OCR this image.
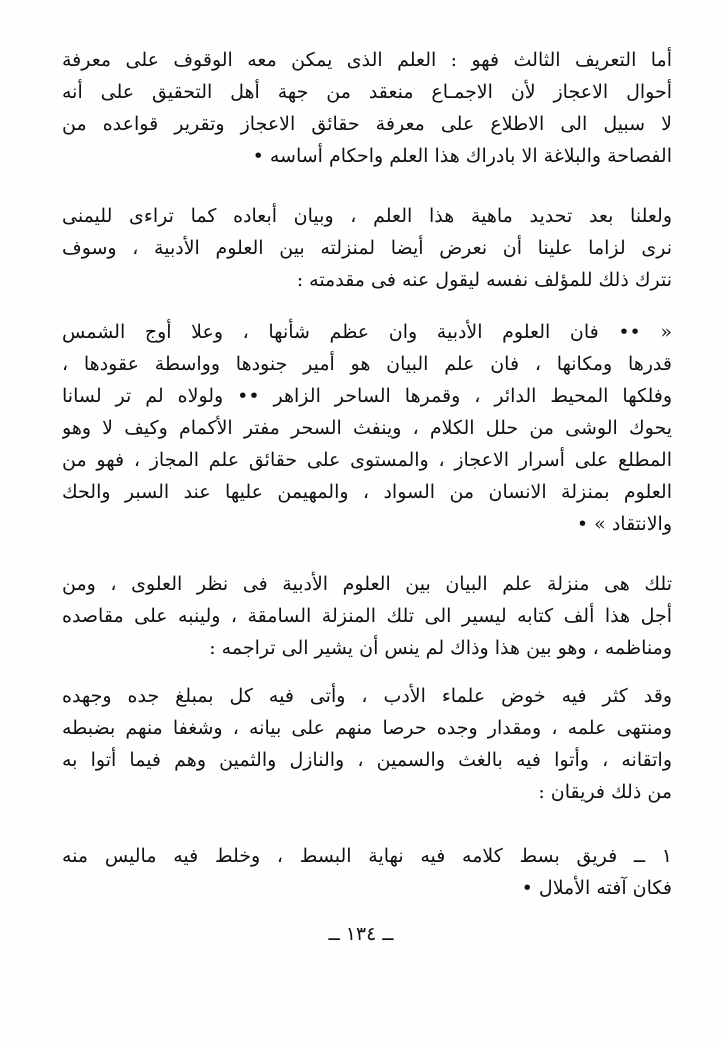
أما التعريف الثالث فهو : العلم الذى يمكن معه الوقوف على معرفة
أحوال الاعجاز لأن الاجمـاع منعقد من جهة أهل التحقيق على أنه
لا سبيل الى الاطلاع على معرفة حقائق الاعجاز وتقرير قواعده من
الفصاحة والبلاغة الا بادراك هذا العلم واحكام أساسه •
ولعلنا بعد تحديد ماهية هذا العلم ، وبيان أبعاده كما تراءى لليمنى
نرى لزاما علينا أن نعرض أيضا لمنزلته بين العلوم الأدبية ، وسوف
نترك ذلك للمؤلف نفسه ليقول عنه فى مقدمته :
« •• فان العلوم الأدبية وان عظم شأنها ، وعلا أوج الشمس
قدرها ومكانها ، فان علم البيان هو أمير جنودها وواسطة عقودها ،
وفلكها المحيط الدائر ، وقمرها الساحر الزاهر •• ولولاه لم تر لسانا
يحوك الوشى من حلل الكلام ، وينفث السحر مفتر الأكمام وكيف لا وهو
المطلع على أسرار الاعجاز ، والمستوى على حقائق علم المجاز ، فهو من
العلوم بمنزلة الانسان من السواد ، والمهيمن عليها عند السبر والحك
والانتقاد » •
تلك هى منزلة علم البيان بين العلوم الأدبية فى نظر العلوى ، ومن
أجل هذا ألف كتابه ليسير الى تلك المنزلة السامقة ، ولينبه على مقاصده
ومناظمه ، وهو بين هذا وذاك لم ينس أن يشير الى تراجمه :
وقد كثر فيه خوض علماء الأدب ، وأتى فيه كل بمبلغ جده وجهده
ومنتهى علمه ، ومقدار وجده حرصا منهم على بيانه ، وشغفا منهم بضبطه
واتقانه ، وأتوا فيه بالغث والسمين ، والنازل والثمين وهم فيما أتوا به
من ذلك فريقان :
١ ــ فريق بسط كلامه فيه نهاية البسط ، وخلط فيه ماليس منه
فكان آفته الأملال •
ــ ١٣٤ ــ
